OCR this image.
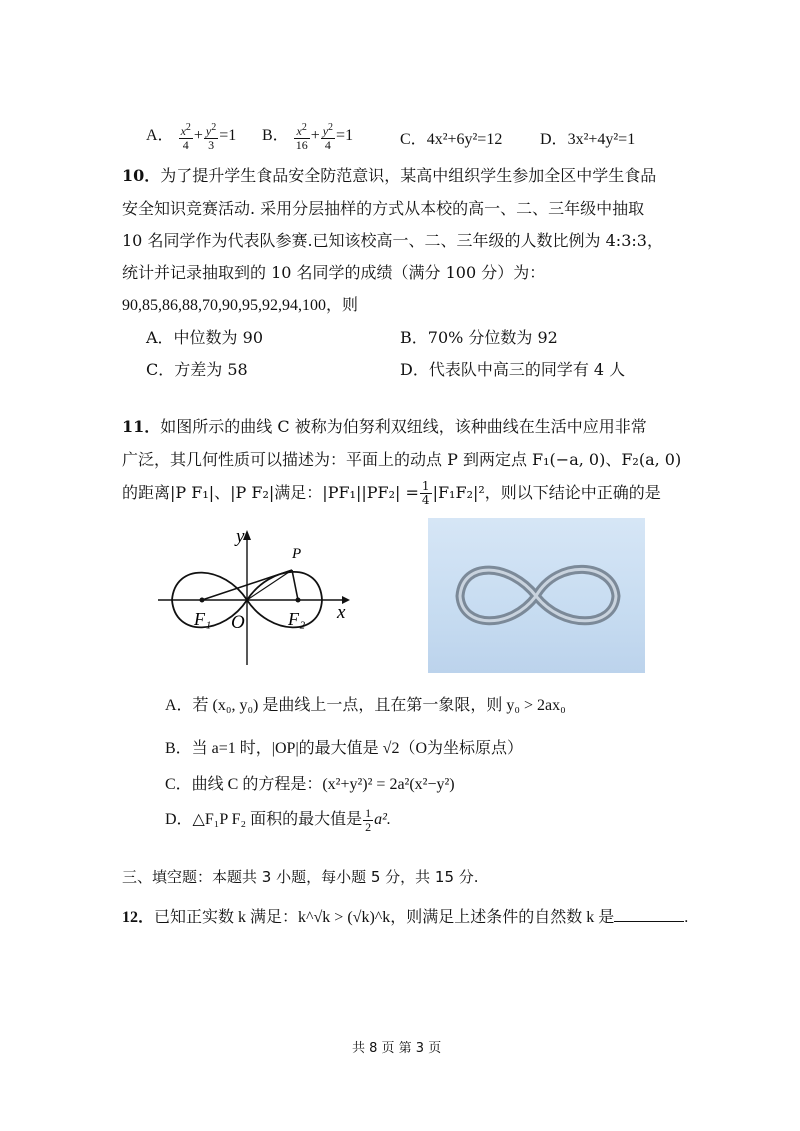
A． $\frac{x^2}{4} + \frac{y^2}{3} =1$ B． $\frac{x^2}{16} + \frac{y^2}{4} =1$	C．4x²+6y²=12 D．3x²+4y²=1
10．为了提升学生食品安全防范意识，某高中组织学生参加全区中学生食品
安全知识竞赛活动. 采用分层抽样的方式从本校的高一、二、三年级中抽取
10 名同学作为代表队参赛.已知该校高一、二、三年级的人数比例为 4:3:3，
统计并记录抽取到的 10 名同学的成绩（满分 100 分）为：
90,85,86,88,70,90,95,92,94,100，则
A．中位数为 90	B．70% 分位数为 92
C．方差为 58	D．代表队中高三的同学有 4 人
11．如图所示的曲线 C 被称为伯努利双纽线，该种曲线在生活中应用非常
广泛，其几何性质可以描述为：平面上的动点 P 到两定点 F₁(−a, 0)、F₂(a, 0)
的距离|P F₁|、|P F₂|满足：$|PF_1||PF_2| = \frac{1}{4} |F_1F_2|^2$，则以下结论中正确的是
y
x
P
F₁	F₂
O
A．若 (x₀, y₀) 是曲线上一点，且在第一象限，则 y₀ > 2ax₀
B．当 a=1 时，|OP|的最大值是 √2（O为坐标原点）
C．曲线 C 的方程是：(x²+y²)² = 2a²(x²−y²)
D．△F₁P F₂ 面积的最大值是 $\frac{1}{2} a^2$.
三、填空题：本题共 3 小题，每小题 5 分，共 15 分.
12．已知正实数 k 满足：k^√k > (√k)^k，则满足上述条件的自然数 k 是	.
共 8 页 第 3 页
